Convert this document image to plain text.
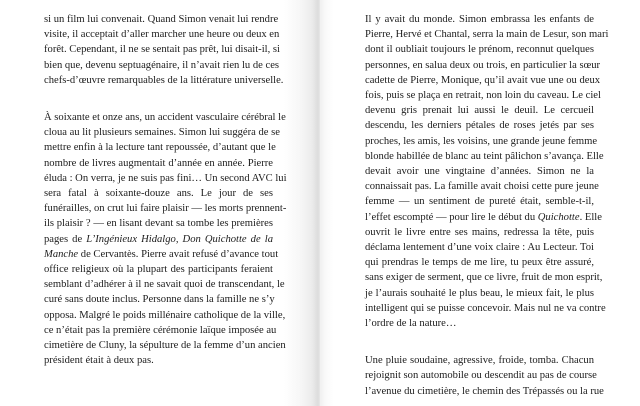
si un film lui convenait. Quand Simon venait lui rendre
visite, il acceptait d’aller marcher une heure ou deux en
forêt. Cependant, il ne se sentait pas prêt, lui disait-il, si
bien que, devenu septuagénaire, il n’avait rien lu de ces
chefs-d’œuvre remarquables de la littérature universelle.

À soixante et onze ans, un accident vasculaire cérébral le
cloua au lit plusieurs semaines. Simon lui suggéra de se
mettre enfin à la lecture tant repoussée, d’autant que le
nombre de livres augmentait d’année en année. Pierre
éluda : On verra, je ne suis pas fini… Un second AVC lui
sera fatal à soixante-douze ans. Le jour de ses
funérailles, on crut lui faire plaisir — les morts prennent-
ils plaisir ? — en lisant devant sa tombe les premières
pages de L’Ingénieux Hidalgo, Don Quichotte de la
Manche de Cervantès. Pierre avait refusé d’avance tout
office religieux où la plupart des participants feraient
semblant d’adhérer à il ne savait quoi de transcendant, le
curé sans doute inclus. Personne dans la famille ne s’y
opposa. Malgré le poids millénaire catholique de la ville,
ce n’était pas la première cérémonie laïque imposée au
cimetière de Cluny, la sépulture de la femme d’un ancien
président était à deux pas.

Il y avait du monde. Simon embrassa les enfants de
Pierre, Hervé et Chantal, serra la main de Lesur, son mari
dont il oubliait toujours le prénom, reconnut quelques
personnes, en salua deux ou trois, en particulier la sœur
cadette de Pierre, Monique, qu’il avait vue une ou deux
fois, puis se plaça en retrait, non loin du caveau. Le ciel
devenu gris prenait lui aussi le deuil. Le cercueil
descendu, les derniers pétales de roses jetés par ses
proches, les amis, les voisins, une grande jeune femme
blonde habillée de blanc au teint pâlichon s’avança. Elle
devait avoir une vingtaine d’années. Simon ne la
connaissait pas. La famille avait choisi cette pure jeune
femme — un sentiment de pureté était, semble-t-il,
l’effet escompté — pour lire le début du Quichotte. Elle
ouvrit le livre entre ses mains, redressa la tête, puis
déclama lentement d’une voix claire : Au Lecteur. Toi
qui prendras le temps de me lire, tu peux être assuré,
sans exiger de serment, que ce livre, fruit de mon esprit,
je l’aurais souhaité le plus beau, le mieux fait, le plus
intelligent qui se puisse concevoir. Mais nul ne va contre
l’ordre de la nature…

Une pluie soudaine, agressive, froide, tomba. Chacun
rejoignit son automobile ou descendit au pas de course
l’avenue du cimetière, le chemin des Trépassés ou la rue
